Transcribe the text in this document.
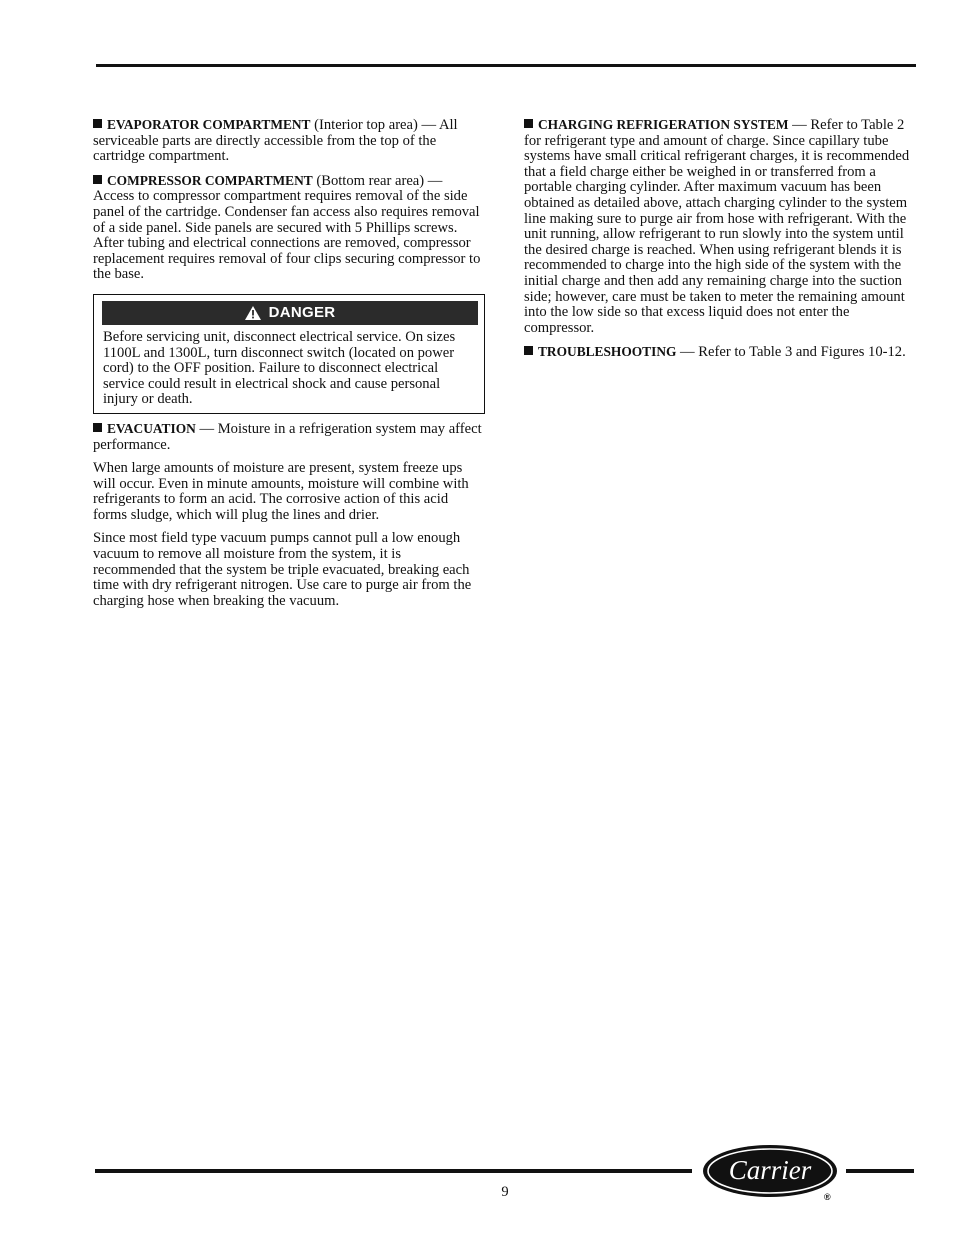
EVAPORATOR COMPARTMENT (Interior top area) — All serviceable parts are directly accessible from the top of the cartridge compartment.

COMPRESSOR COMPARTMENT (Bottom rear area) — Access to compressor compartment requires removal of the side panel of the cartridge. Condenser fan access also requires removal of a side panel. Side panels are secured with 5 Phillips screws. After tubing and electrical connections are removed, compressor replacement requires removal of four clips securing compressor to the base.

DANGER

Before servicing unit, disconnect electrical service. On sizes 1100L and 1300L, turn disconnect switch (located on power cord) to the OFF position. Failure to disconnect electrical service could result in electrical shock and cause personal injury or death.

EVACUATION — Moisture in a refrigeration system may affect performance.

When large amounts of moisture are present, system freeze ups will occur. Even in minute amounts, moisture will combine with refrigerants to form an acid. The corrosive action of this acid forms sludge, which will plug the lines and drier.

Since most field type vacuum pumps cannot pull a low enough vacuum to remove all moisture from the system, it is recommended that the system be triple evacuated, breaking each time with dry refrigerant nitrogen. Use care to purge air from the charging hose when breaking the vacuum.

CHARGING REFRIGERATION SYSTEM — Refer to Table 2 for refrigerant type and amount of charge. Since capillary tube systems have small critical refrigerant charges, it is recommended that a field charge either be weighed in or transferred from a portable charging cylinder. After maximum vacuum has been obtained as detailed above, attach charging cylinder to the system line making sure to purge air from hose with refrigerant. With the unit running, allow refrigerant to run slowly into the system until the desired charge is reached. When using refrigerant blends it is recommended to charge into the high side of the system with the initial charge and then add any remaining charge into the suction side; however, care must be taken to meter the remaining amount into the low side so that excess liquid does not enter the compressor.

TROUBLESHOOTING — Refer to Table 3 and Figures 10-12.

Carrier
®
9
